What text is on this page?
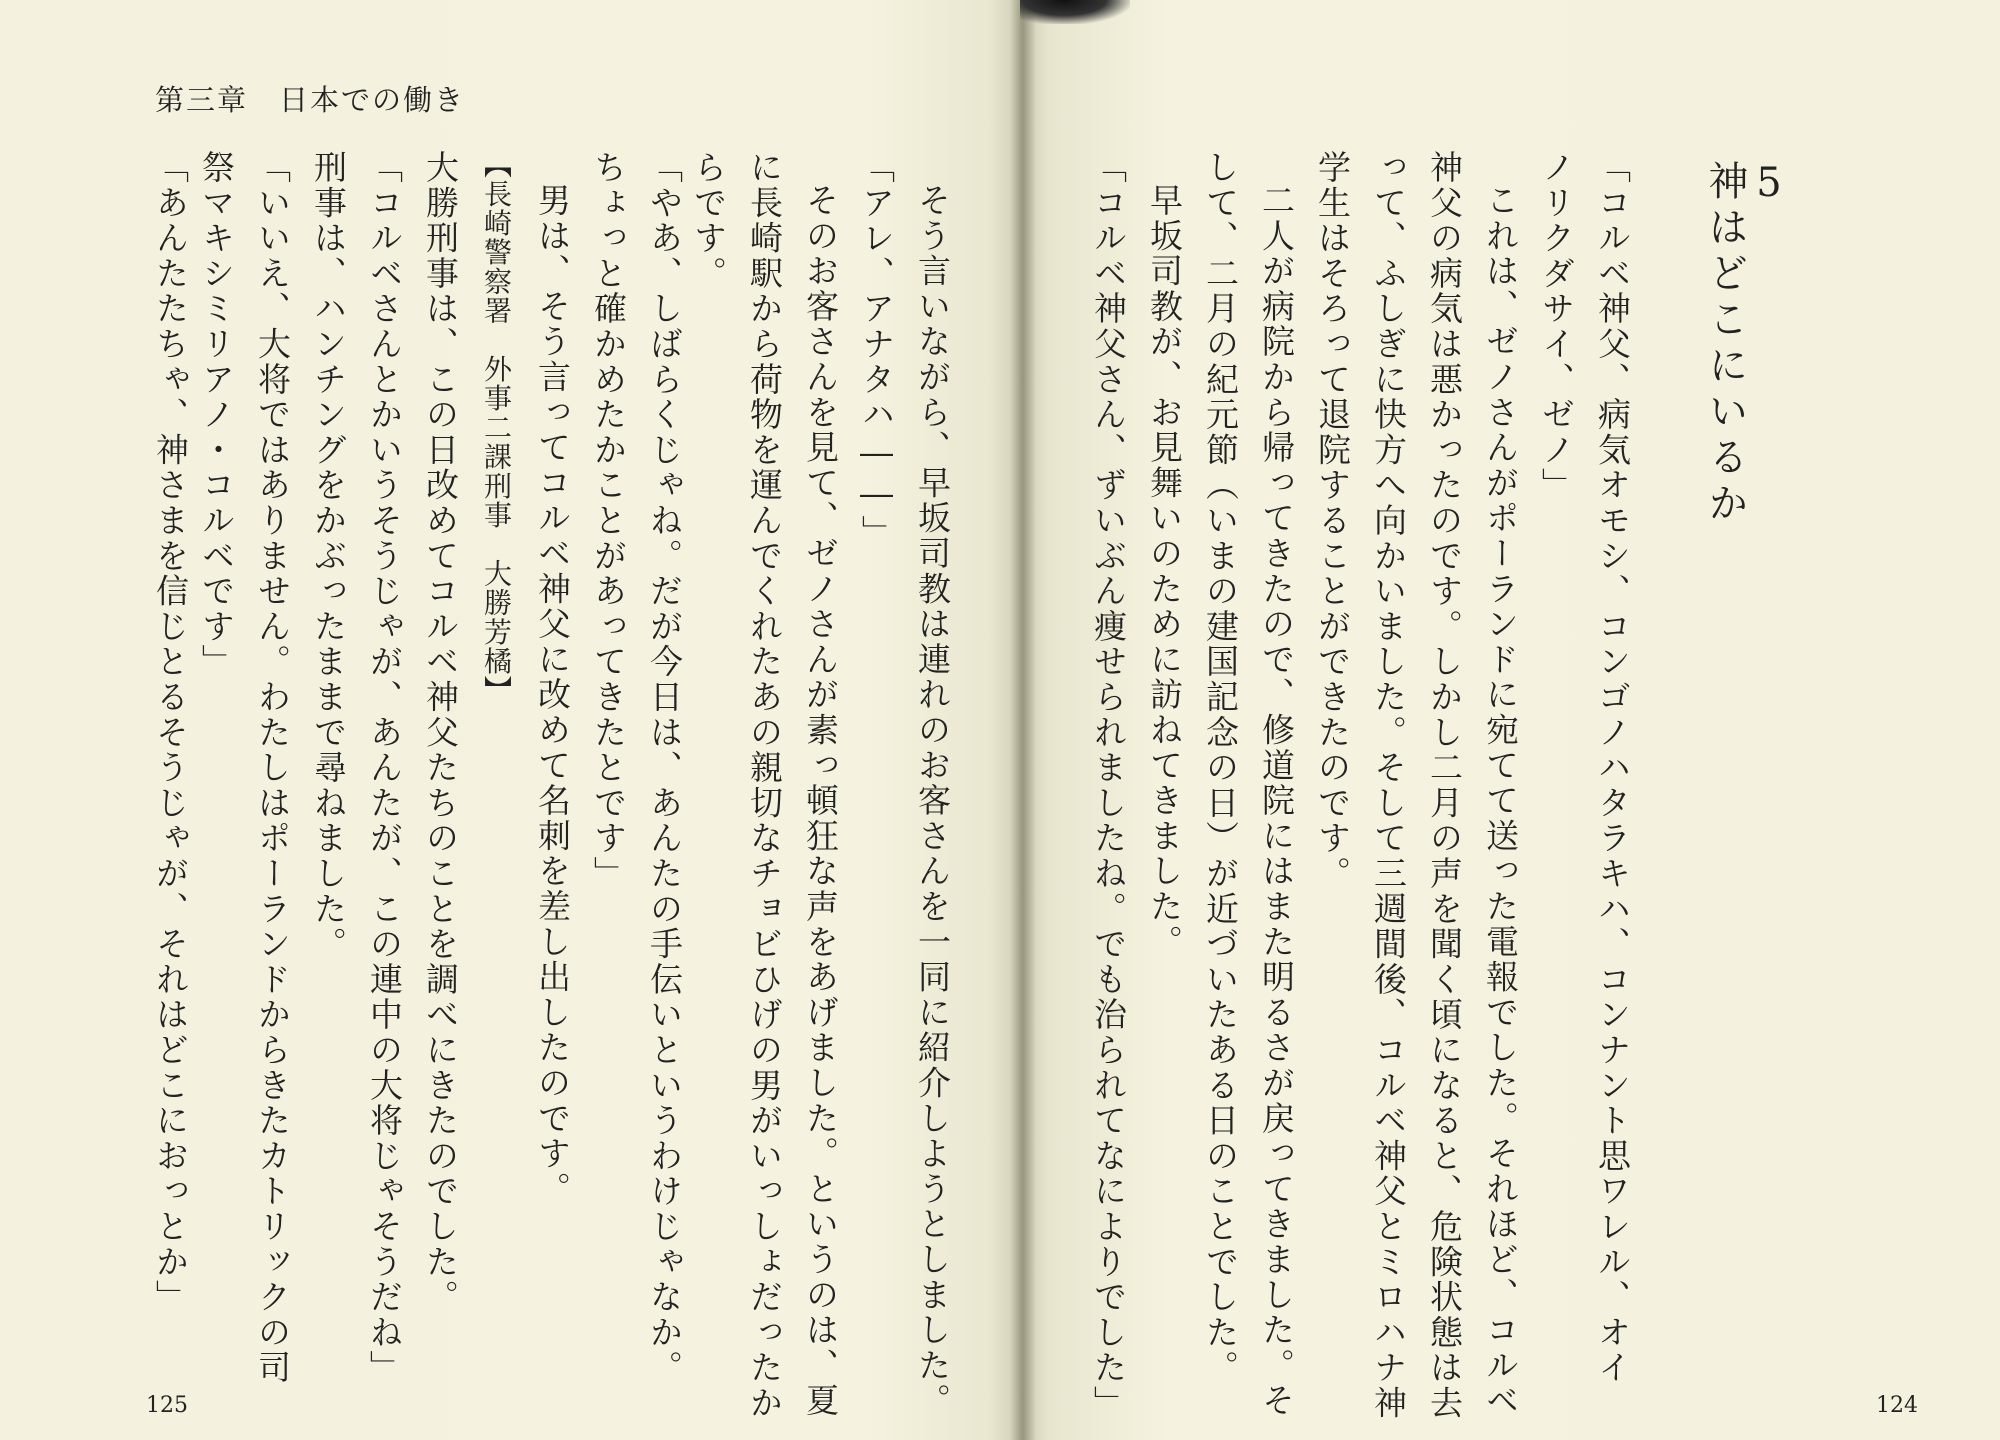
第三章　日本での働き
そう言いながら、早坂司教は連れのお客さんを一同に紹介しようとしました。
「アレ、アナタハ――」
そのお客さんを見て、ゼノさんが素っ頓狂な声をあげました。というのは、夏
に長崎駅から荷物を運んでくれたあの親切なチョビひげの男がいっしょだったか
らです。
「やあ、しばらくじゃね。だが今日は、あんたの手伝いというわけじゃなか。
ちょっと確かめたかことがあってきたとです」
男は、そう言ってコルベ神父に改めて名刺を差し出したのです。
【長崎警察署　外事二課刑事　大勝芳橘】
大勝刑事は、この日改めてコルベ神父たちのことを調べにきたのでした。
「コルベさんとかいうそうじゃが、あんたが、この連中の大将じゃそうだね」
刑事は、ハンチングをかぶったままで尋ねました。
「いいえ、大将ではありません。わたしはポーランドからきたカトリックの司
祭マキシミリアノ・コルベです」
「あんたたちゃ、神さまを信じとるそうじゃが、それはどこにおっとか」
125
5
神はどこにいるか
「コルベ神父、病気オモシ、コンゴノハタラキハ、コンナント思ワレル、オイ
ノリクダサイ、ゼノ」
これは、ゼノさんがポーランドに宛てて送った電報でした。それほど、コルベ
神父の病気は悪かったのです。しかし二月の声を聞く頃になると、危険状態は去
って、ふしぎに快方へ向かいました。そして三週間後、コルベ神父とミロハナ神
学生はそろって退院することができたのです。
二人が病院から帰ってきたので、修道院にはまた明るさが戻ってきました。そ
して、二月の紀元節（いまの建国記念の日）が近づいたある日のことでした。
早坂司教が、お見舞いのために訪ねてきました。
「コルベ神父さん、ずいぶん痩せられましたね。でも治られてなによりでした」	124
